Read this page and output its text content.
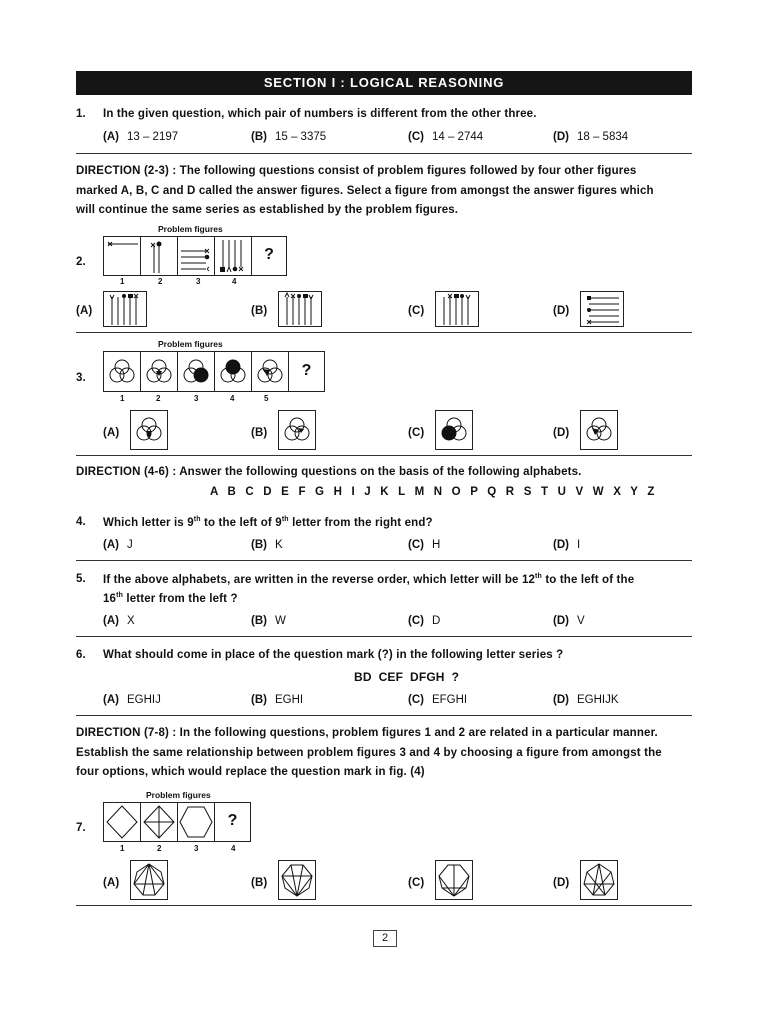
SECTION I : LOGICAL REASONING
1. In the given question, which pair of numbers is different from the other three.
(A) 13 – 2197	(B) 15 – 3375	(C) 14 – 2744	(D) 18 – 5834
DIRECTION (2-3) : The following questions consist of problem figures followed by four other figures
marked A, B, C and D called the answer figures. Select a figure from amongst the answer figures which
will continue the same series as established by the problem figures.
Problem figures
2.	?
1	2	3	4
(A)	(B)	(C)	(D)
Problem figures
3.	?
1	2	3	4	5
(A)	(B)	(C)	(D)
DIRECTION (4-6) : Answer the following questions on the basis of the following alphabets.
A B C D E F G H I J K L M N O P Q R S T U V W X Y Z
4. Which letter is 9th to the left of 9th letter from the right end?
(A) J	(B) K	(C) H	(D) I
5. If the above alphabets, are written in the reverse order, which letter will be 12th to the left of the
16th letter from the left ?
(A) X	(B) W	(C) D	(D) V
6. What should come in place of the question mark (?) in the following letter series ?
BD  CEF  DFGH  ?
(A) EGHIJ	(B) EGHI	(C) EFGHI	(D) EGHIJK
DIRECTION (7-8) : In the following questions, problem figures 1 and 2 are related in a particular manner.
Establish the same relationship between problem figures 3 and 4 by choosing a figure from amongst the
four options, which would replace the question mark in fig. (4)
Problem figures
7.	?
1	2	3	4
(A)	(B)	(C)	(D)
2
